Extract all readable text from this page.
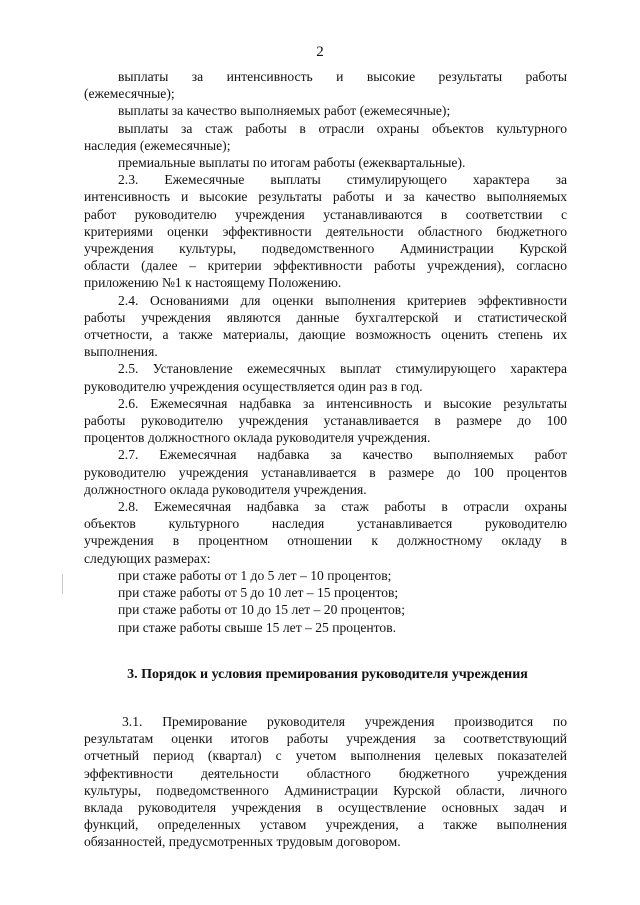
2
выплаты за интенсивность и высокие результаты работы
(ежемесячные);
выплаты за качество выполняемых работ (ежемесячные);
выплаты за стаж работы в отрасли охраны объектов культурного
наследия (ежемесячные);
премиальные выплаты по итогам работы (ежеквартальные).
2.3. Ежемесячные выплаты стимулирующего характера за
интенсивность и высокие результаты работы и за качество выполняемых
работ руководителю учреждения устанавливаются в соответствии с
критериями оценки эффективности деятельности областного бюджетного
учреждения культуры, подведомственного Администрации Курской
области (далее – критерии эффективности работы учреждения), согласно
приложению №1 к настоящему Положению.
2.4. Основаниями для оценки выполнения критериев эффективности
работы учреждения являются данные бухгалтерской и статистической
отчетности, а также материалы, дающие возможность оценить степень их
выполнения.
2.5. Установление ежемесячных выплат стимулирующего характера
руководителю учреждения осуществляется один раз в год.
2.6. Ежемесячная надбавка за интенсивность и высокие результаты
работы руководителю учреждения устанавливается в размере до 100
процентов должностного оклада руководителя учреждения.
2.7. Ежемесячная надбавка за качество выполняемых работ
руководителю учреждения устанавливается в размере до 100 процентов
должностного оклада руководителя учреждения.
2.8. Ежемесячная надбавка за стаж работы в отрасли охраны
объектов культурного наследия устанавливается руководителю
учреждения в процентном отношении к должностному окладу в
следующих размерах:
при стаже работы от 1 до 5 лет – 10 процентов;
при стаже работы от 5 до 10 лет – 15 процентов;
при стаже работы от 10 до 15 лет – 20 процентов;
при стаже работы свыше 15 лет – 25 процентов.
3. Порядок и условия премирования руководителя учреждения
3.1. Премирование руководителя учреждения производится по
результатам оценки итогов работы учреждения за соответствующий
отчетный период (квартал) с учетом выполнения целевых показателей
эффективности деятельности областного бюджетного учреждения
культуры, подведомственного Администрации Курской области, личного
вклада руководителя учреждения в осуществление основных задач и
функций, определенных уставом учреждения, а также выполнения
обязанностей, предусмотренных трудовым договором.
